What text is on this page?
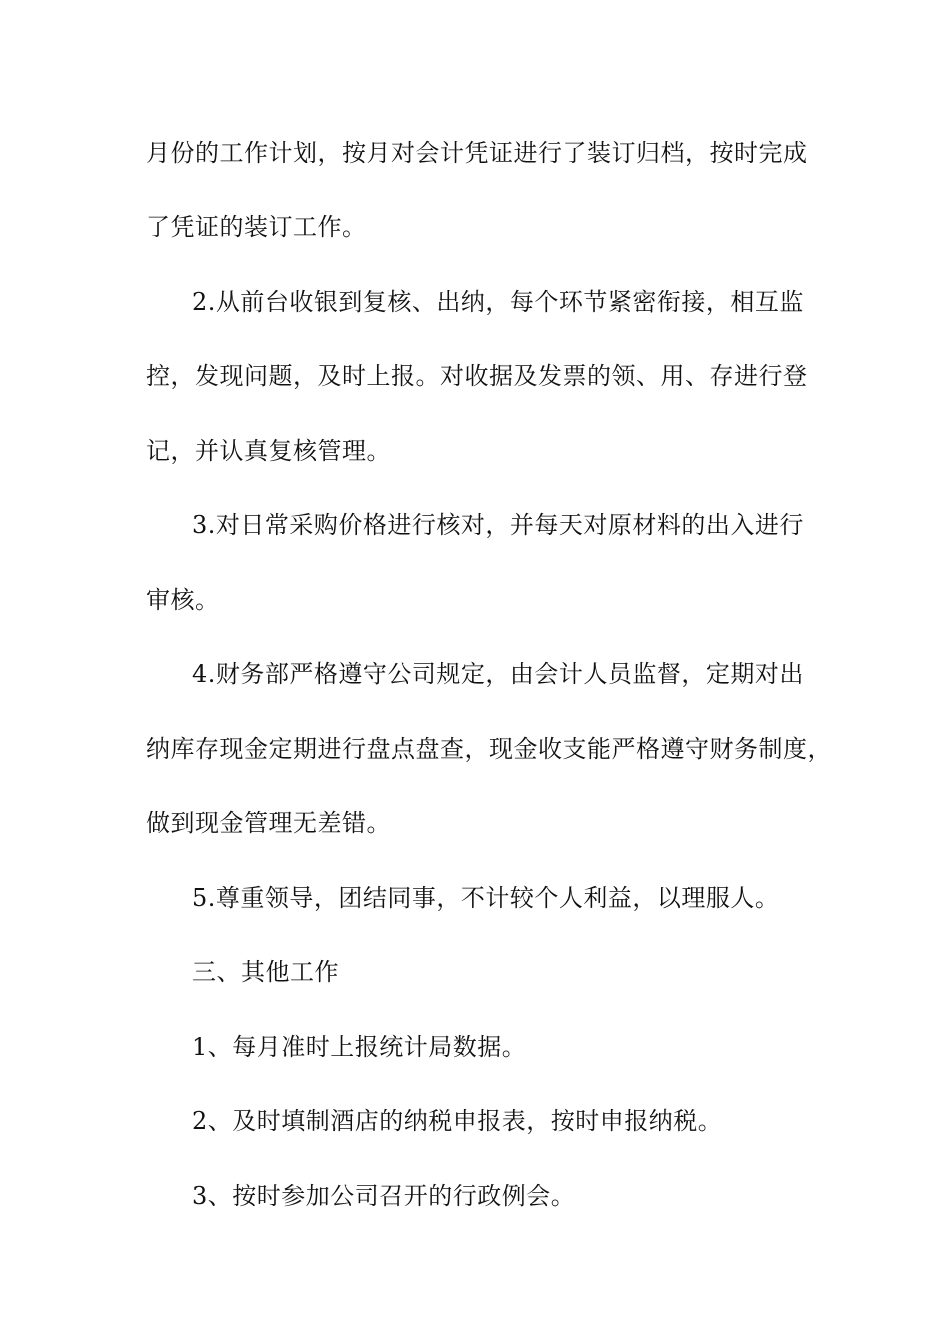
月份的工作计划，按月对会计凭证进行了装订归档，按时完成
了凭证的装订工作。
2.从前台收银到复核、出纳，每个环节紧密衔接，相互监
控，发现问题，及时上报。对收据及发票的领、用、存进行登
记，并认真复核管理。
3.对日常采购价格进行核对，并每天对原材料的出入进行
审核。
4.财务部严格遵守公司规定，由会计人员监督，定期对出
纳库存现金定期进行盘点盘查，现金收支能严格遵守财务制度，
做到现金管理无差错。
5.尊重领导，团结同事，不计较个人利益，以理服人。
三、其他工作
1、每月准时上报统计局数据。
2、及时填制酒店的纳税申报表，按时申报纳税。
3、按时参加公司召开的行政例会。
